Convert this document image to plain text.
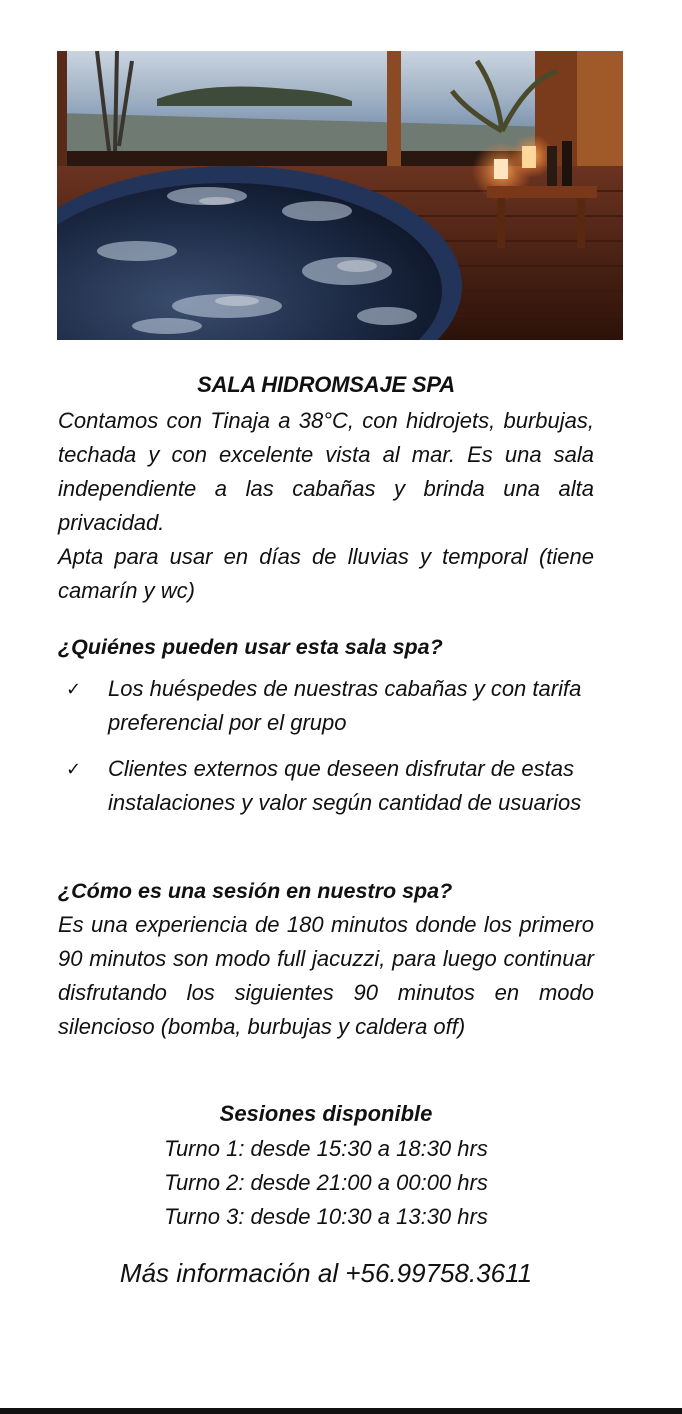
SALA HIDROMSAJE SPA

Contamos con Tinaja a 38°C, con hidrojets, burbujas, techada y con excelente vista al mar. Es una sala independiente a las cabañas y brinda una alta privacidad.

Apta para usar en días de lluvias y temporal (tiene camarín y wc)

¿Quiénes pueden usar esta sala spa?
✓ Los huéspedes de nuestras cabañas y con tarifa preferencial por el grupo
✓ Clientes externos que deseen disfrutar de estas instalaciones y valor según cantidad de usuarios
¿Cómo es una sesión en nuestro spa?

Es una experiencia de 180 minutos donde los primero 90 minutos son modo full jacuzzi, para luego continuar disfrutando los siguientes 90 minutos en modo silencioso (bomba, burbujas y caldera off)

Sesiones disponible
Turno 1: desde 15:30 a 18:30 hrs
Turno 2: desde 21:00 a 00:00 hrs
Turno 3: desde 10:30 a 13:30 hrs
Más información al +56.99758.3611
